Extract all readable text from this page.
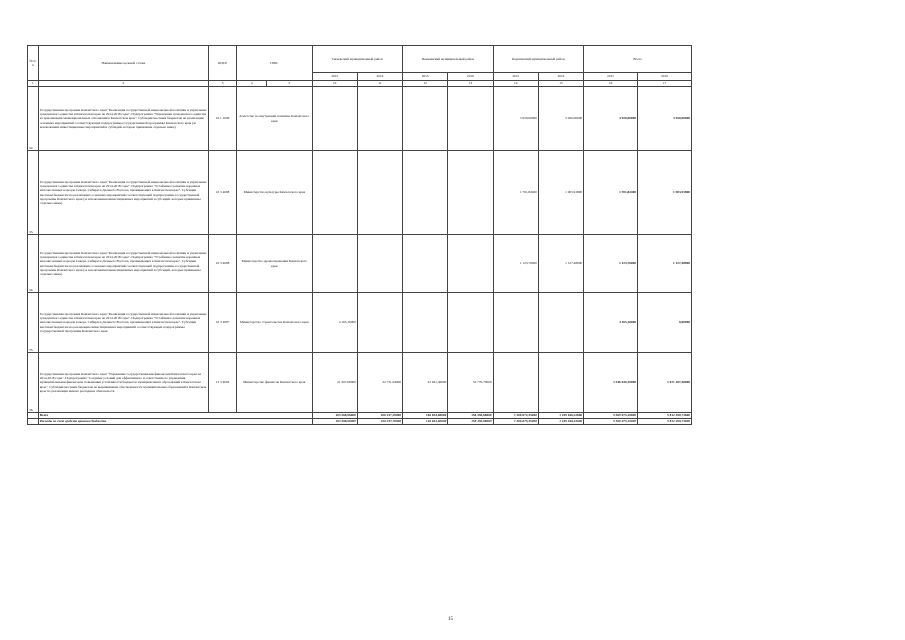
№ п/п	Наименование целевой статьи	КЦСР	ГРБС		Тигильский муниципальный район		Пенжинский муниципальный район		Карагинский муниципальный район		Всего	
					2015	2016	2015	2016	2015	2016	2015	2016
1	2	3	4	5	10	11	12	13	14	15	16	17
32.	Государственная программа Камчатского края "Реализация государственной национальной политики и укрепление гражданского единства в Камчатском крае на 2014-2018 годы". Подпрограмма "Укрепление гражданского единства и гармонизация межнациональных отношений в Камчатском крае". Субсидии местным бюджетам на реализацию основных мероприятий соответствующей подпрограммы государственной программы Камчатского края (за исключением инвестиционных мероприятий и субсидий, которые применены отдельно ниже)	16 1 1006	Агентство по внутренней политике Камчатского края						3 920,00000	3 920,00000	3 920,00000	3 920,00000
33.	Государственная программа Камчатского края "Реализация государственной национальной политики и укрепление гражданского единства в Камчатском крае на 2014-2018 годы". Подпрограмма "Устойчивое развитие коренных малочисленных народов Севера, Сибири и Дальнего Востока, проживающих в Камчатском крае". Субсидии местным бюджетам на реализацию основных мероприятий соответствующей подпрограммы государственной программы Камчатского края (за исключением инвестиционных мероприятий и субсидий, которые применены отдельно ниже)	16 3 4008	Министерство культуры Камчатского края						1 701,82400	1 903,91800	1 701,82400	1 903,91800
34.	Государственная программа Камчатского края "Реализация государственной национальной политики и укрепление гражданского единства в Камчатском крае на 2014-2018 годы". Подпрограмма "Устойчивое развитие коренных малочисленных народов Севера, Сибири и Дальнего Востока, проживающих в Камчатском крае". Субсидии местным бюджетам на реализацию основных мероприятий соответствующей подпрограммы государственной программы Камчатского края (за исключением инвестиционных мероприятий и субсидий, которые применены отдельно ниже)	16 3 4008	Министерство здравоохранения Камчатского края						1 123,76000	1 127,48000	1 123,76000	1 127,48000
35.	Государственная программа Камчатского края "Реализация государственной национальной политики и укрепление гражданского единства в Камчатском крае на 2014-2018 годы". Подпрограмма "Устойчивое развитие коренных малочисленных народов Севера, Сибири и Дальнего Востока, проживающих в Камчатском крае". Субсидии местным бюджетам на реализацию инвестиционных мероприятий соответствующей подпрограммы государственной программы Камчатского края	16 3 4007	Министерство строительства Камчатского края		4 165,10000						4 165,10000	0,00000
36.	Государственная программа Камчатского края "Управление государственными финансами Камчатского края на 2014-2018 годы". Подпрограмма "Создание условий для эффективного и ответственного управления муниципальными финансами, повышения устойчивости бюджетов муниципальных образований в Камчатском крае". Субсидии местным бюджетам на выравнивание обеспеченности муниципальных образований в Камчатском крае по реализации ими их расходных обязательств	13 3 4004	Министерство финансов Камчатского края		21 297,66000	22 731,04000	43 941,36000	52 770,70000			1 546 630,10000	1 671 187,40000
	Всего				103 268,96000	106 237,29000	146 834,60000	158 450,68000	1 206 872,35000	1 239 046,22600	5 569 075,10000	5 812 490,73600
	Расходы за счет средств краевого бюджета				103 268,96000	106 237,76000	146 834,60000	158 450,68000	1 206 875,35000	1 239 046,22600	5 569 075,10000	5 812 490,73600
15
